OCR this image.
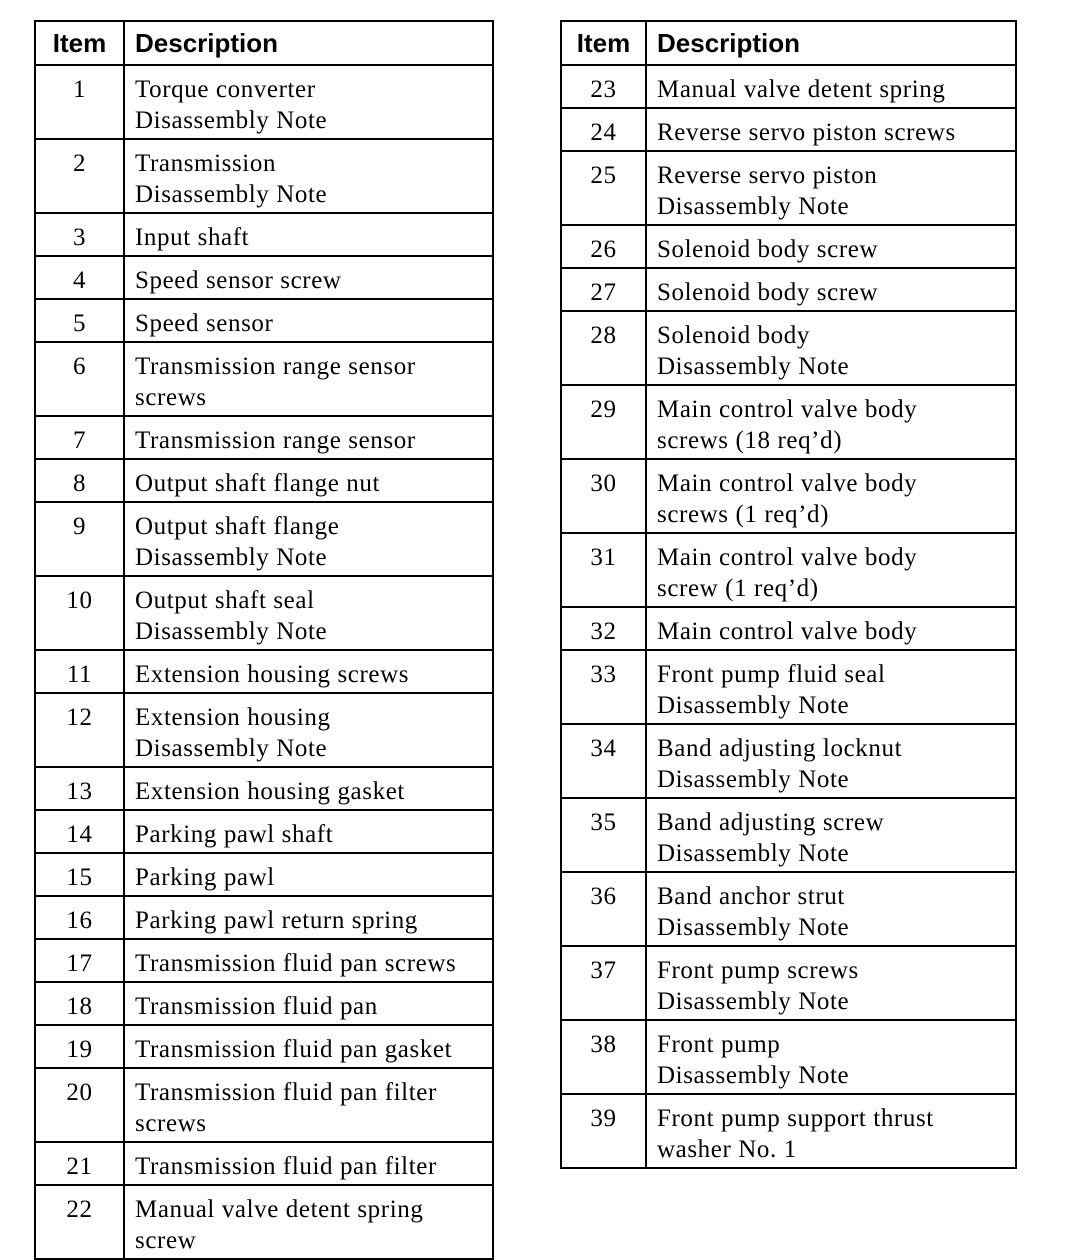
Item	Description
1	Torque converter
Disassembly Note

2	Transmission
Disassembly Note

3	Input shaft

4	Speed sensor screw

5	Speed sensor

6	Transmission range sensor
screws

7	Transmission range sensor

8	Output shaft flange nut

9	Output shaft flange
Disassembly Note

10	Output shaft seal
Disassembly Note

11	Extension housing screws

12	Extension housing
Disassembly Note

13	Extension housing gasket

14	Parking pawl shaft

15	Parking pawl

16	Parking pawl return spring

17	Transmission fluid pan screws

18	Transmission fluid pan

19	Transmission fluid pan gasket

20	Transmission fluid pan filter
screws

21	Transmission fluid pan filter

22	Manual valve detent spring
screw
Item	Description
23	Manual valve detent spring

24	Reverse servo piston screws

25	Reverse servo piston
Disassembly Note

26	Solenoid body screw

27	Solenoid body screw

28	Solenoid body
Disassembly Note

29	Main control valve body
screws (18 req’d)

30	Main control valve body
screws (1 req’d)

31	Main control valve body
screw (1 req’d)

32	Main control valve body

33	Front pump fluid seal
Disassembly Note

34	Band adjusting locknut
Disassembly Note

35	Band adjusting screw
Disassembly Note

36	Band anchor strut
Disassembly Note

37	Front pump screws
Disassembly Note

38	Front pump
Disassembly Note

39	Front pump support thrust
washer No. 1
